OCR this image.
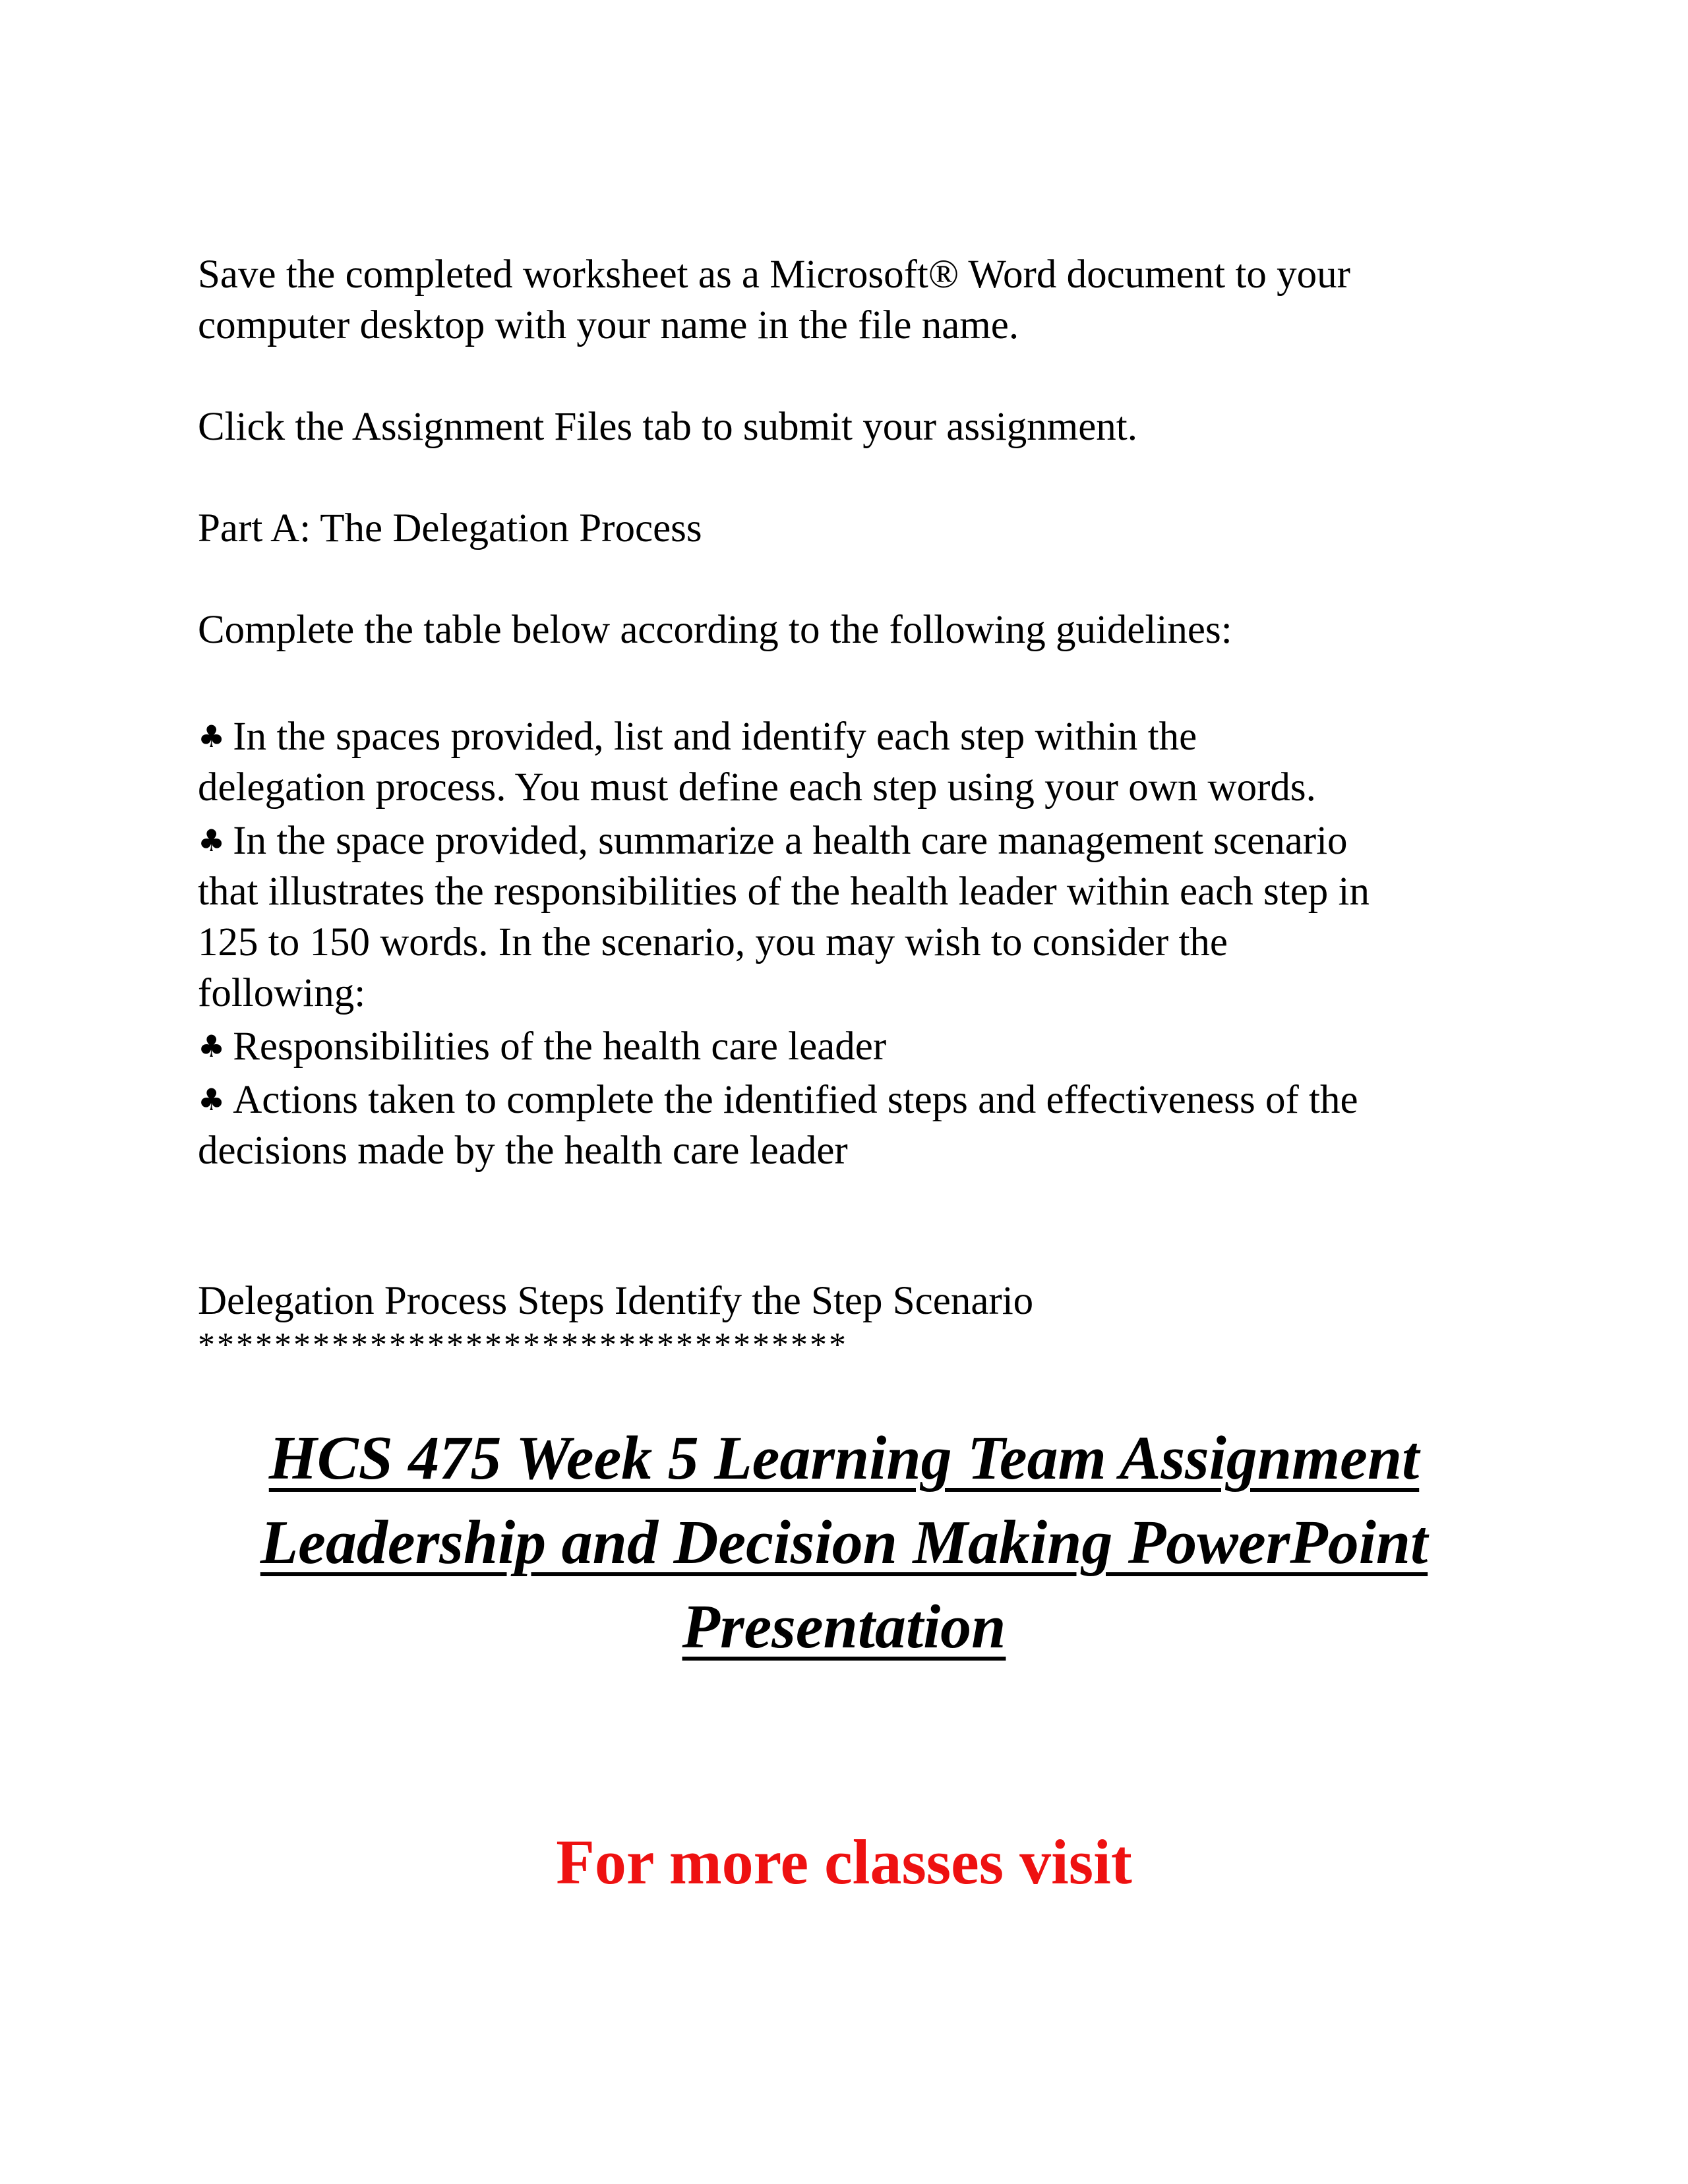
Save the completed worksheet as a Microsoft® Word document to your
computer desktop with your name in the file name.

Click the Assignment Files tab to submit your assignment.

Part A: The Delegation Process

Complete the table below according to the following guidelines:

♣ In the spaces provided, list and identify each step within the
delegation process. You must define each step using your own words.
♣ In the space provided, summarize a health care management scenario
that illustrates the responsibilities of the health leader within each step in
125 to 150 words. In the scenario, you may wish to consider the
following:
♣ Responsibilities of the health care leader
♣ Actions taken to complete the identified steps and effectiveness of the
decisions made by the health care leader

Delegation Process Steps Identify the Step Scenario

**********************************

HCS 475 Week 5 Learning Team Assignment
Leadership and Decision Making PowerPoint
Presentation

For more classes visit
